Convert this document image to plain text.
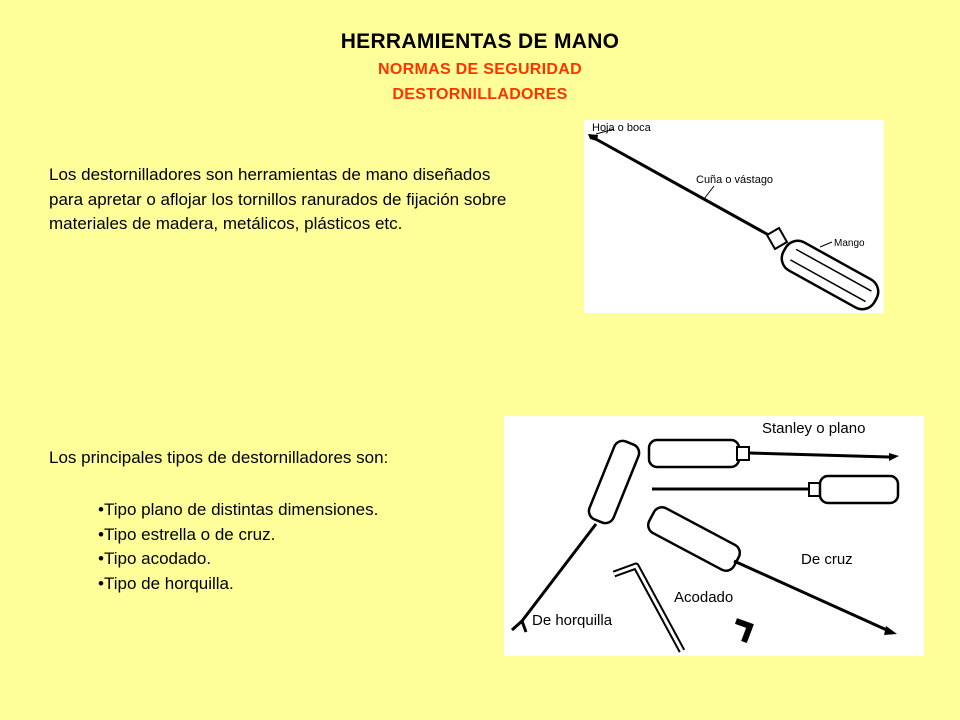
HERRAMIENTAS DE MANO
NORMAS DE SEGURIDAD
DESTORNILLADORES

Los destornilladores son herramientas de mano diseñados para apretar o aflojar los tornillos ranurados de fijación sobre materiales de madera, metálicos, plásticos etc.

Hoja o boca
Cuña o vástago
Mango

Los principales tipos de destornilladores son:

• Tipo plano de distintas dimensiones.
• Tipo estrella o de cruz.
• Tipo acodado.
• Tipo de horquilla.
Stanley o plano
De cruz
Acodado
De horquilla
